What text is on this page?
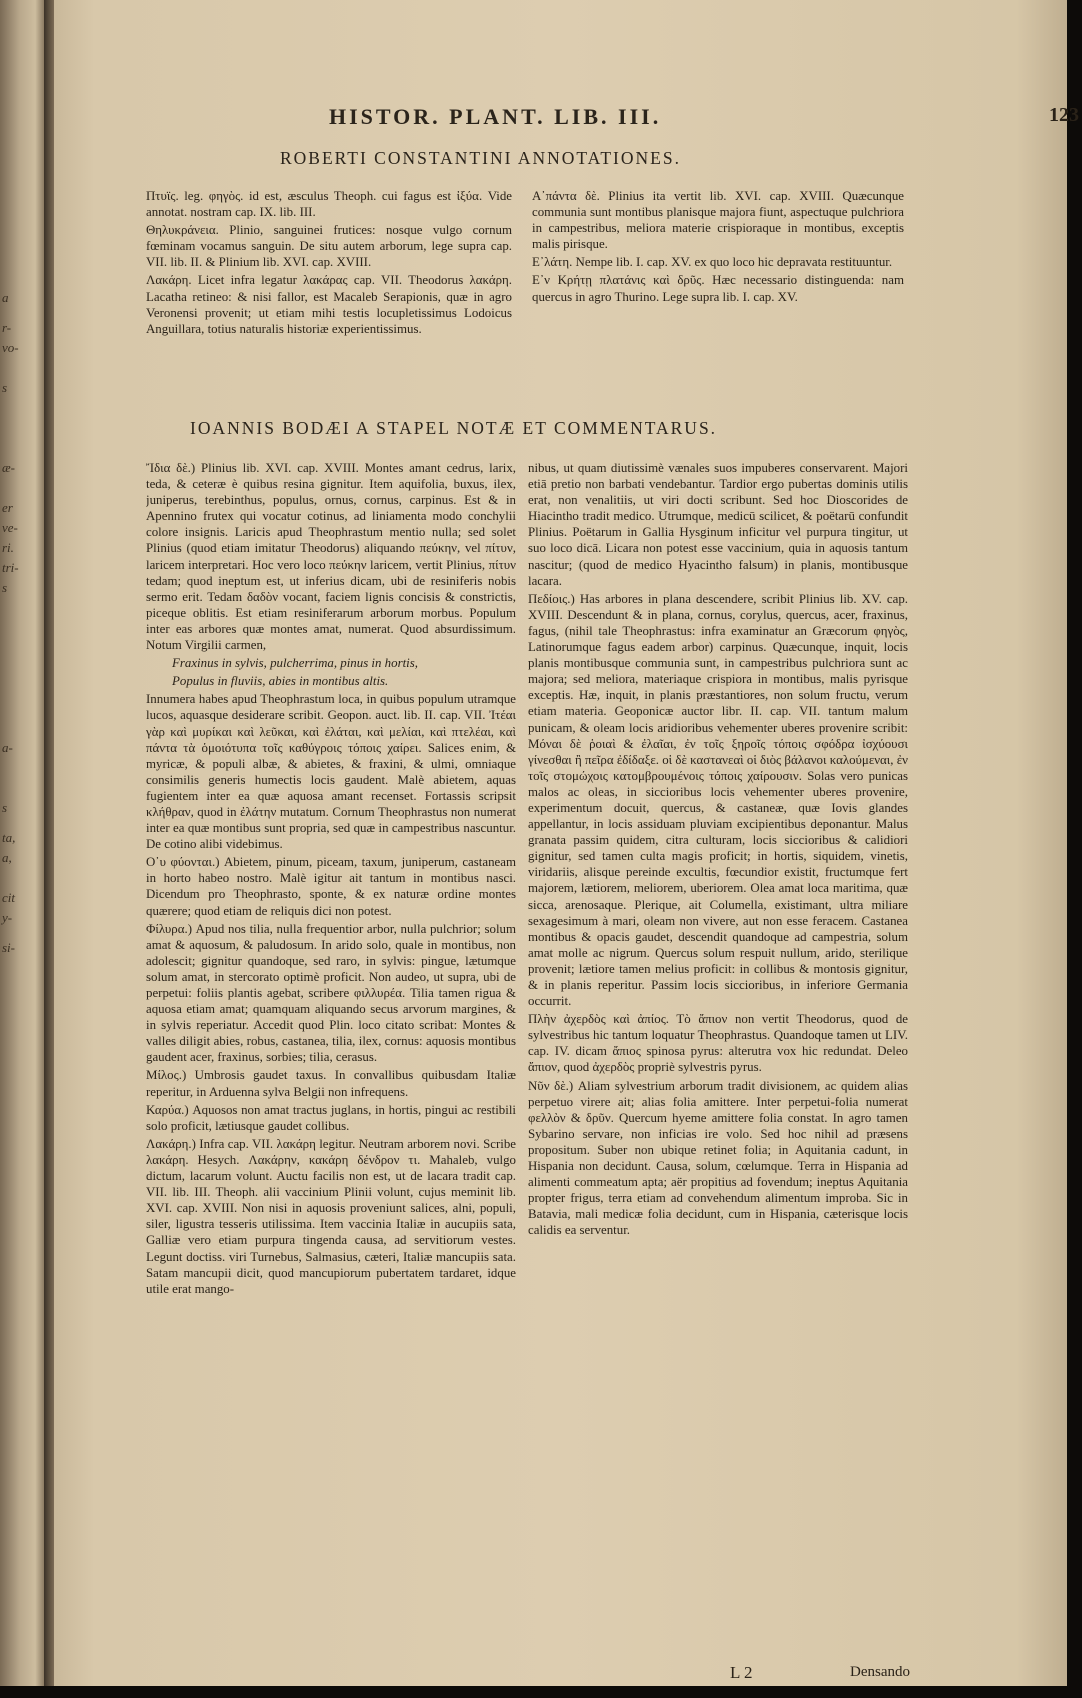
a
r-
vo-
s
æ-
er
ve-
ri.
tri-
s
a-
s
ta,
a,
cit
y-
si-
HISTOR. PLANT. LIB. III.	123
ROBERTI CONSTANTINI ANNOTATIONES.

Πτυϊς. leg. φηγὸς. id est, æsculus Theoph. cui fagus est ἰξύα. Vide annotat. nostram cap. IX. lib. III.

Θηλυκράνεια. Plinio, sanguinei frutices: nosque vulgo cornum fœminam vocamus sanguin. De situ autem arborum, lege supra cap. VII. lib. II. & Plinium lib. XVI. cap. XVIII.

Λακάρη. Licet infra legatur λακάρας cap. VII. Theodorus λακάρη. Lacatha retineo: & nisi fallor, est Macaleb Serapionis, quæ in agro Veronensi provenit; ut etiam mihi testis locupletissimus Lodoicus Anguillara, totius naturalis historiæ experientissimus.

Α᾽πάντα δὲ. Plinius ita vertit lib. XVI. cap. XVIII. Quæcunque communia sunt montibus planisque majora fiunt, aspectuque pulchriora in campestribus, meliora materie crispioraque in montibus, exceptis malis pirisque.

Ε᾽λάτη. Nempe lib. I. cap. XV. ex quo loco hic depravata restituuntur.

Ε᾽ν Κρήτῃ πλατάνις καὶ δρῦς. Hæc necessario distinguenda: nam quercus in agro Thurino. Lege supra lib. I. cap. XV.

IOANNIS BODÆI A STAPEL NOTÆ ET COMMENTARUS.

Ἴδια δὲ.) Plinius lib. XVI. cap. XVIII. Montes amant cedrus, larix, teda, & ceteræ è quibus resina gignitur. Item aquifolia, buxus, ilex, juniperus, terebinthus, populus, ornus, cornus, carpinus. Est & in Apennino frutex qui vocatur cotinus, ad liniamenta modo conchylii colore insignis. Laricis apud Theophrastum mentio nulla; sed solet Plinius (quod etiam imitatur Theodorus) aliquando πεύκην, vel πίτυν, laricem interpretari. Hoc vero loco πεύκην laricem, vertit Plinius, πίτυν tedam; quod ineptum est, ut inferius dicam, ubi de resiniferis nobis sermo erit. Tedam δαδὸν vocant, faciem lignis concisis & constrictis, piceque oblitis. Est etiam resiniferarum arborum morbus. Populum inter eas arbores quæ montes amat, numerat. Quod absurdissimum. Notum Virgilii carmen,

Fraxinus in sylvis, pulcherrima, pinus in hortis,

Populus in fluviis, abies in montibus altis.

Innumera habes apud Theophrastum loca, in quibus populum utramque lucos, aquasque desiderare scribit. Geopon. auct. lib. II. cap. VII. Ἰτέαι γὰρ καὶ μυρίκαι καὶ λεῦκαι, καὶ ἐλάται, καὶ μελίαι, καὶ πτελέαι, καὶ πάντα τὰ ὁμοιότυπα τοῖς καθύγροις τόποις χαίρει. Salices enim, & myricæ, & populi albæ, & abietes, & fraxini, & ulmi, omniaque consimilis generis humectis locis gaudent. Malè abietem, aquas fugientem inter ea quæ aquosa amant recenset. Fortassis scripsit κλήθραν, quod in ἐλάτην mutatum. Cornum Theophrastus non numerat inter ea quæ montibus sunt propria, sed quæ in campestribus nascuntur. De cotino alibi videbimus.

Ο᾽υ φύονται.) Abietem, pinum, piceam, taxum, juniperum, castaneam in horto habeo nostro. Malè igitur ait tantum in montibus nasci. Dicendum pro Theophrasto, sponte, & ex naturæ ordine montes quærere; quod etiam de reliquis dici non potest.

Φίλυρα.) Apud nos tilia, nulla frequentior arbor, nulla pulchrior; solum amat & aquosum, & paludosum. In arido solo, quale in montibus, non adolescit; gignitur quandoque, sed raro, in sylvis: pingue, lætumque solum amat, in stercorato optimè proficit. Non audeo, ut supra, ubi de perpetui: foliis plantis agebat, scribere φιλλυρέα. Tilia tamen rigua & aquosa etiam amat; quamquam aliquando secus arvorum margines, & in sylvis reperiatur. Accedit quod Plin. loco citato scribat: Montes & valles diligit abies, robus, castanea, tilia, ilex, cornus: aquosis montibus gaudent acer, fraxinus, sorbies; tilia, cerasus.

Μίλος.) Umbrosis gaudet taxus. In convallibus quibusdam Italiæ reperitur, in Arduenna sylva Belgii non infrequens.

Καρύα.) Aquosos non amat tractus juglans, in hortis, pingui ac restibili solo proficit, lætiusque gaudet collibus.

Λακάρη.) Infra cap. VII. λακάρη legitur. Neutram arborem novi. Scribe λακάρη. Hesych. Λακάρην, κακάρη δένδρον τι. Mahaleb, vulgo dictum, lacarum volunt. Auctu facilis non est, ut de lacara tradit cap. VII. lib. III. Theoph. alii vaccinium Plinii volunt, cujus meminit lib. XVI. cap. XVIII. Non nisi in aquosis proveniunt salices, alni, populi, siler, ligustra tesseris utilissima. Item vaccinia Italiæ in aucupiis sata, Galliæ vero etiam purpura tingenda causa, ad servitiorum vestes. Legunt doctiss. viri Turnebus, Salmasius, cæteri, Italiæ mancupiis sata. Satam mancupii dicit, quod mancupiorum pubertatem tardaret, idque utile erat mango-

nibus, ut quam diutissimè vænales suos impuberes conservarent. Majori etiā pretio non barbati vendebantur. Tardior ergo pubertas dominis utilis erat, non venalitiis, ut viri docti scribunt. Sed hoc Dioscorides de Hiacintho tradit medico. Utrumque, medicū scilicet, & poëtarū confundit Plinius. Poëtarum in Gallia Hysginum inficitur vel purpura tingitur, ut suo loco dicā. Licara non potest esse vaccinium, quia in aquosis tantum nascitur; (quod de medico Hyacintho falsum) in planis, montibusque lacara.

Πεδίοις.) Has arbores in plana descendere, scribit Plinius lib. XV. cap. XVIII. Descendunt & in plana, cornus, corylus, quercus, acer, fraxinus, fagus, (nihil tale Theophrastus: infra examinatur an Græcorum φηγὸς, Latinorumque fagus eadem arbor) carpinus. Quæcunque, inquit, locis planis montibusque communia sunt, in campestribus pulchriora sunt ac majora; sed meliora, materiaque crispiora in montibus, malis pyrisque exceptis. Hæ, inquit, in planis præstantiores, non solum fructu, verum etiam materia. Geoponicæ auctor libr. II. cap. VII. tantum malum punicam, & oleam locis aridioribus vehementer uberes provenire scribit: Μόναι δὲ ῥοιαὶ & ἐλαῖαι, ἐν τοῖς ξηροῖς τόποις σφόδρα ἰσχύουσι γίνεσθαι ἢ πεῖρα ἐδίδαξε. οἱ δὲ καστανεαὶ οἱ διὸς βάλανοι καλούμεναι, ἐν τοῖς στομώχοις κατομβρουμένοις τόποις χαίρουσιν. Solas vero punicas malos ac oleas, in siccioribus locis vehementer uberes provenire, experimentum docuit, quercus, & castaneæ, quæ Iovis glandes appellantur, in locis assiduam pluviam excipientibus deponantur. Malus granata passim quidem, citra culturam, locis siccioribus & calidiori gignitur, sed tamen culta magis proficit; in hortis, siquidem, vinetis, viridariis, alisque pereinde excultis, fœcundior existit, fructumque fert majorem, lætiorem, meliorem, uberiorem. Olea amat loca maritima, quæ sicca, arenosaque. Plerique, ait Columella, existimant, ultra miliare sexagesimum à mari, oleam non vivere, aut non esse feracem. Castanea montibus & opacis gaudet, descendit quandoque ad campestria, solum amat molle ac nigrum. Quercus solum respuit nullum, arido, sterilique provenit; lætiore tamen melius proficit: in collibus & montosis gignitur, & in planis reperitur. Passim locis siccioribus, in inferiore Germania occurrit.

Πλὴν ἀχερδὸς καὶ ἀπίος. Τὸ ἄπιον non vertit Theodorus, quod de sylvestribus hic tantum loquatur Theophrastus. Quandoque tamen ut LIV. cap. IV. dicam ἄπιος spinosa pyrus: alterutra vox hic redundat. Deleo ἄπιον, quod ἀχερδὸς propriè sylvestris pyrus.

Νῦν δὲ.) Aliam sylvestrium arborum tradit divisionem, ac quidem alias perpetuo virere ait; alias folia amittere. Inter perpetui-folia numerat φελλὸν & δρῦν. Quercum hyeme amittere folia constat. In agro tamen Sybarino servare, non inficias ire volo. Sed hoc nihil ad præsens propositum. Suber non ubique retinet folia; in Aquitania cadunt, in Hispania non decidunt. Causa, solum, cœlumque. Terra in Hispania ad alimenti commeatum apta; aër propitius ad fovendum; ineptus Aquitania propter frigus, terra etiam ad convehendum alimentum improba. Sic in Batavia, mali medicæ folia decidunt, cum in Hispania, cæterisque locis calidis ea serventur.

L 2	Densando
